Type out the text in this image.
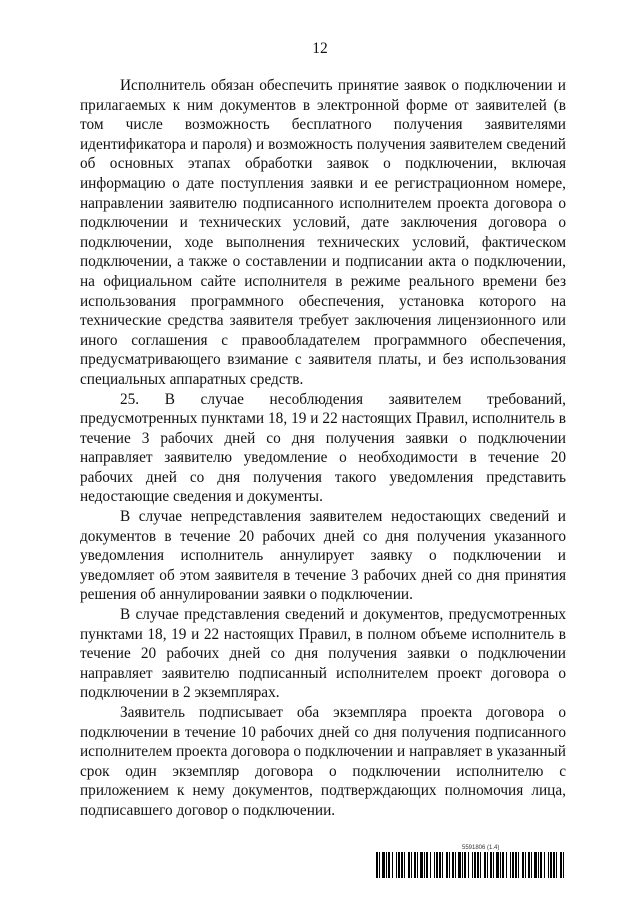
12

Исполнитель обязан обеспечить принятие заявок о подключении и прилагаемых к ним документов в электронной форме от заявителей (в том числе возможность бесплатного получения заявителями идентификатора и пароля) и возможность получения заявителем сведений об основных этапах обработки заявок о подключении, включая информацию о дате поступления заявки и ее регистрационном номере, направлении заявителю подписанного исполнителем проекта договора о подключении и технических условий, дате заключения договора о подключении, ходе выполнения технических условий, фактическом подключении, а также о составлении и подписании акта о подключении, на официальном сайте исполнителя в режиме реального времени без использования программного обеспечения, установка которого на технические средства заявителя требует заключения лицензионного или иного соглашения с правообладателем программного обеспечения, предусматривающего взимание с заявителя платы, и без использования специальных аппаратных средств.

25. В случае несоблюдения заявителем требований, предусмотренных пунктами 18, 19 и 22 настоящих Правил, исполнитель в течение 3 рабочих дней со дня получения заявки о подключении направляет заявителю уведомление о необходимости в течение 20 рабочих дней со дня получения такого уведомления представить недостающие сведения и документы.

В случае непредставления заявителем недостающих сведений и документов в течение 20 рабочих дней со дня получения указанного уведомления исполнитель аннулирует заявку о подключении и уведомляет об этом заявителя в течение 3 рабочих дней со дня принятия решения об аннулировании заявки о подключении.

В случае представления сведений и документов, предусмотренных пунктами 18, 19 и 22 настоящих Правил, в полном объеме исполнитель в течение 20 рабочих дней со дня получения заявки о подключении направляет заявителю подписанный исполнителем проект договора о подключении в 2 экземплярах.

Заявитель подписывает оба экземпляра проекта договора о подключении в течение 10 рабочих дней со дня получения подписанного исполнителем проекта договора о подключении и направляет в указанный срок один экземпляр договора о подключении исполнителю с приложением к нему документов, подтверждающих полномочия лица, подписавшего договор о подключении.

5591806 (1.4)
